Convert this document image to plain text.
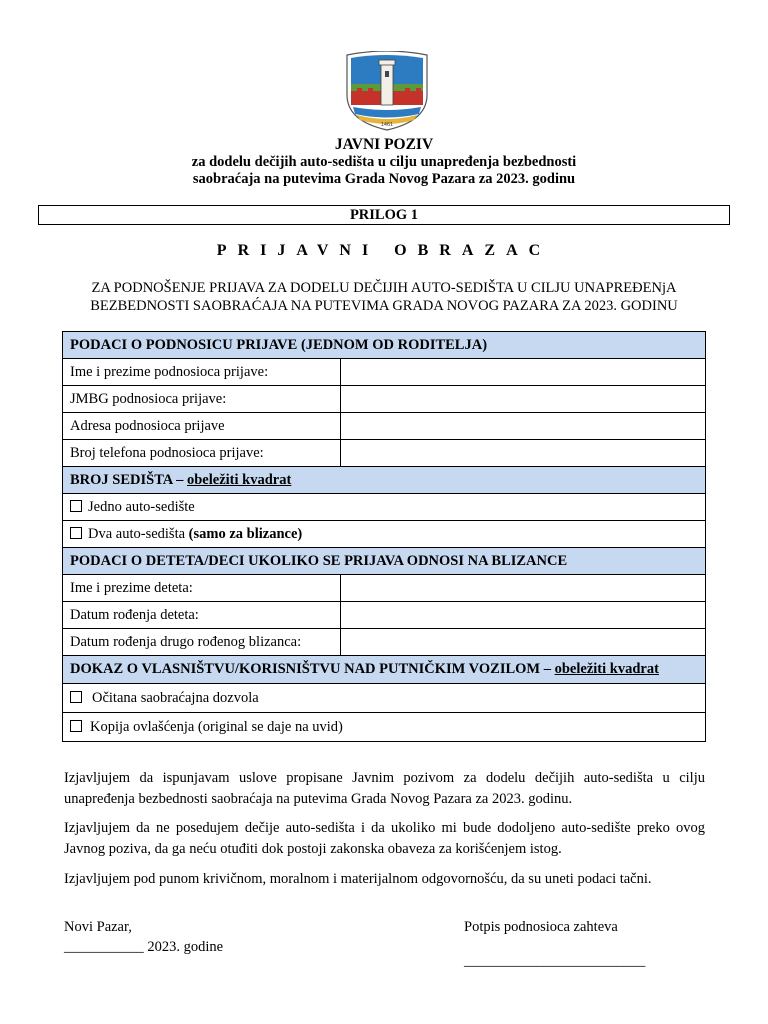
1461
JAVNI POZIV
za dodelu dečijih auto-sedišta u cilju unapređenja bezbednosti
saobraćaja na putevima Grada Novog Pazara za 2023. godinu
PRILOG 1
PRIJAVNI OBRAZAC
ZA PODNOŠENJE PRIJAVA ZA DODELU DEČIJIH AUTO-SEDIŠTA U CILJU UNAPREĐENjA
BEZBEDNOSTI SAOBRAĆAJA NA PUTEVIMA GRADA NOVOG PAZARA ZA 2023. GODINU
PODACI O PODNOSICU PRIJAVE (JEDNOM OD RODITELJA)	
Ime i prezime podnosioca prijave:	
JMBG podnosioca prijave:	
Adresa podnosioca prijave	
Broj telefona podnosioca prijave:	
BROJ SEDIŠTA – obeležiti kvadrat	
Jedno auto-sedište	
Dva auto-sedišta (samo za blizance)	
PODACI O DETETA/DECI UKOLIKO SE PRIJAVA ODNOSI NA BLIZANCE	
Ime i prezime deteta:	
Datum rođenja deteta:	
Datum rođenja drugo rođenog blizanca:	
DOKAZ O VLASNIŠTVU/KORISNIŠTVU NAD PUTNIČKIM VOZILOM – obeležiti kvadrat	
Očitana saobraćajna dozvola	
Kopija ovlašćenja (original se daje na uvid)	
Izjavljujem da ispunjavam uslove propisane Javnim pozivom za dodelu dečijih auto-sedišta u cilju unapređenja bezbednosti saobraćaja na putevima Grada Novog Pazara za 2023. godinu.
Izjavljujem da ne posedujem dečije auto-sedišta i da ukoliko mi bude dodoljeno auto-sedište preko ovog Javnog poziva, da ga neću otuđiti dok postoji zakonska obaveza za korišćenjem istog.
Izjavljujem pod punom krivičnom, moralnom i materijalnom odgovornošću, da su uneti podaci tačni.
Novi Pazar,
___________ 2023. godine
Potpis podnosioca zahteva
_________________________
